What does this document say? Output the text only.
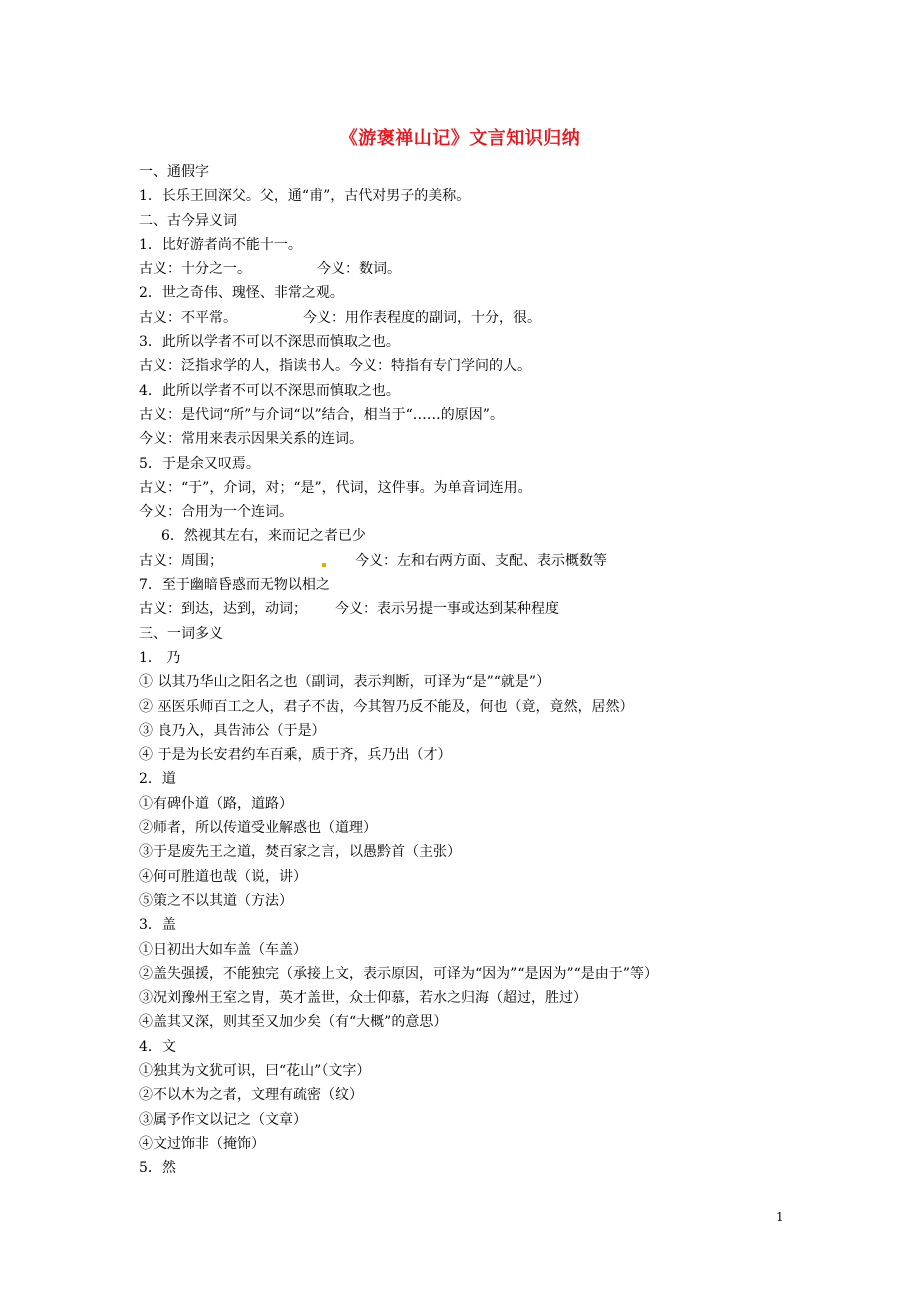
《游褒禅山记》文言知识归纳
一、通假字
1．长乐王回深父。父，通“甫”，古代对男子的美称。
二、古今异义词
1．比好游者尚不能十一。
古义：十分之一。	今义：数词。
2．世之奇伟、瑰怪、非常之观。
古义：不平常。	今义：用作表程度的副词，十分，很。
3．此所以学者不可以不深思而慎取之也。
古义：泛指求学的人，指读书人。今义：特指有专门学问的人。
4．此所以学者不可以不深思而慎取之也。
古义：是代词“所”与介词“以”结合，相当于“……的原因”。
今义：常用来表示因果关系的连词。
5．于是余又叹焉。
古义：“于”，介词，对；“是”，代词，这件事。为单音词连用。
今义：合用为一个连词。
6．然视其左右，来而记之者已少
古义：周围；	今义：左和右两方面、支配、表示概数等
7．至于幽暗昏惑而无物以相之
古义：到达，达到，动词； 今义：表示另提一事或达到某种程度
三、一词多义
1． 乃
① 以其乃华山之阳名之也（副词，表示判断，可译为“是”“就是”）
② 巫医乐师百工之人，君子不齿，今其智乃反不能及，何也（竟，竟然，居然）
③ 良乃入，具告沛公（于是）
④ 于是为长安君约车百乘，质于齐，兵乃出（才）
2．道
①有碑仆道（路，道路）
②师者，所以传道受业解惑也（道理）
③于是废先王之道，焚百家之言，以愚黔首（主张）
④何可胜道也哉（说，讲）
⑤策之不以其道（方法）
3．盖
①日初出大如车盖（车盖）
②盖失强援，不能独完（承接上文，表示原因，可译为“因为”“是因为”“是由于”等）
③况刘豫州王室之胄，英才盖世，众士仰慕，若水之归海（超过，胜过）
④盖其又深，则其至又加少矣（有“大概”的意思）
4．文
①独其为文犹可识，曰“花山”（文字）
②不以木为之者，文理有疏密（纹）
③属予作文以记之（文章）
④文过饰非（掩饰）
5．然
1
